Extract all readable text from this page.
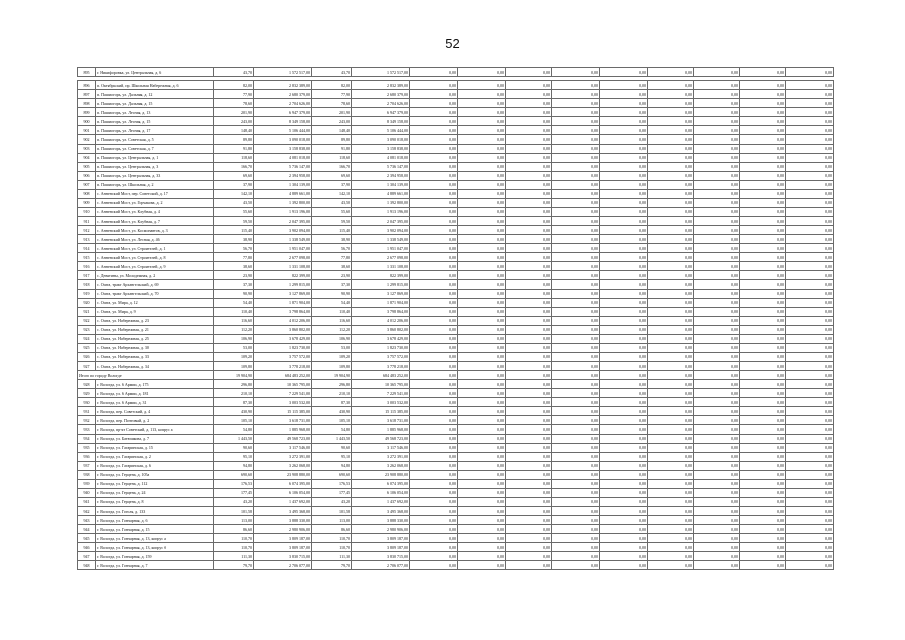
52
895	г. Никифоровка, ул. Центральная, д. 6	43,70	1 572 517,00	43,70	1 572 517,00	0,00	0,00	0,00	0,00	0,00	0,00	0,00	0,00	0,00

896	п. Октябрьский, пр. Школьная Набережная, д. 6	82,00	2 832 389,00	82,00	2 832 389,00	0,00	0,00	0,00	0,00	0,00	0,00	0,00	0,00	0,00
897	п. Пашиогорь, ул. Дальняя, д. 12	77,90	2 680 379,00	77,90	2 680 379,00	0,00	0,00	0,00	0,00	0,00	0,00	0,00	0,00	0,00
898	п. Пашиогорь, ул. Дальняя, д. 15	78,60	2 704 626,00	78,60	2 704 626,00	0,00	0,00	0,00	0,00	0,00	0,00	0,00	0,00	0,00
899	п. Пашиогорь, ул. Лесная, д. 13	201,90	6 947 379,00	201,90	6 947 379,00	0,00	0,00	0,00	0,00	0,00	0,00	0,00	0,00	0,00
900	п. Пашиогорь, ул. Лесная, д. 15	243,00	8 349 158,00	243,00	8 349 158,00	0,00	0,00	0,00	0,00	0,00	0,00	0,00	0,00	0,00
901	п. Пашиогорь, ул. Лесная, д. 17	148,40	5 106 444,00	148,40	5 106 444,00	0,00	0,00	0,00	0,00	0,00	0,00	0,00	0,00	0,00
902	п. Пашиогорь, ул. Советская, д. 5	89,80	3 090 018,00	89,80	3 090 018,00	0,00	0,00	0,00	0,00	0,00	0,00	0,00	0,00	0,00
903	п. Пашиогорь, ул. Советская, д. 7	91,80	3 158 838,00	91,80	3 158 838,00	0,00	0,00	0,00	0,00	0,00	0,00	0,00	0,00	0,00
904	п. Пашиогорь, ул. Центральная, д. 1	118,60	4 081 018,00	118,60	4 081 018,00	0,00	0,00	0,00	0,00	0,00	0,00	0,00	0,00	0,00
905	п. Пашиогорь, ул. Центральная, д. 3	166,70	5 736 147,00	166,70	5 736 147,00	0,00	0,00	0,00	0,00	0,00	0,00	0,00	0,00	0,00
906	п. Пашиогорь, ул. Центральная, д. 33	69,60	2 394 958,00	69,60	2 394 958,00	0,00	0,00	0,00	0,00	0,00	0,00	0,00	0,00	0,00
907	п. Пашиогорь, ул. Школьная, д. 2	37,90	1 304 139,00	37,90	1 304 139,00	0,00	0,00	0,00	0,00	0,00	0,00	0,00	0,00	0,00
908	с. Анненский Мост, пер. Советский, д. 17	142,10	4 889 661,00	142,10	4 889 661,00	0,00	0,00	0,00	0,00	0,00	0,00	0,00	0,00	0,00
909	с. Анненский Мост, ул. Горчакова, д. 2	43,50	1 392 800,00	43,50	1 392 800,00	0,00	0,00	0,00	0,00	0,00	0,00	0,00	0,00	0,00
910	с. Анненский Мост, ул. Клубная, д. 4	55,60	1 913 196,00	55,60	1 913 196,00	0,00	0,00	0,00	0,00	0,00	0,00	0,00	0,00	0,00
911	с. Анненский Мост, ул. Клубная, д. 7	59,50	2 047 395,00	59,50	2 047 395,00	0,00	0,00	0,00	0,00	0,00	0,00	0,00	0,00	0,00
912	с. Анненский Мост, ул. Космонавтов, д. 3	115,40	3 902 094,00	115,40	3 902 094,00	0,00	0,00	0,00	0,00	0,00	0,00	0,00	0,00	0,00
913	с. Анненский Мост, ул. Лесная, д. 46	38,90	1 338 549,00	38,90	1 338 549,00	0,00	0,00	0,00	0,00	0,00	0,00	0,00	0,00	0,00
914	с. Анненский Мост, ул. Строителей, д. 1	56,70	1 951 047,00	56,70	1 951 047,00	0,00	0,00	0,00	0,00	0,00	0,00	0,00	0,00	0,00
915	с. Анненский Мост, ул. Строителей, д. 8	77,80	2 677 098,00	77,80	2 677 098,00	0,00	0,00	0,00	0,00	0,00	0,00	0,00	0,00	0,00
916	с. Анненский Мост, ул. Строителей, д. 9	38,60	1 331 108,00	38,60	1 331 108,00	0,00	0,00	0,00	0,00	0,00	0,00	0,00	0,00	0,00
917	с. Девятины, ул. Молодежная, д. 2	23,90	822 399,00	23,90	822 399,00	0,00	0,00	0,00	0,00	0,00	0,00	0,00	0,00	0,00
918	с. Ошта, тракт Архангельский, д. 69	37,30	1 299 815,00	37,30	1 299 815,00	0,00	0,00	0,00	0,00	0,00	0,00	0,00	0,00	0,00
919	с. Ошта, тракт Архангельский, д. 70	90,90	3 127 869,00	90,90	3 127 869,00	0,00	0,00	0,00	0,00	0,00	0,00	0,00	0,00	0,00
920	с. Ошта, ул. Мира, д. 12	54,40	1 871 904,00	54,40	1 871 904,00	0,00	0,00	0,00	0,00	0,00	0,00	0,00	0,00	0,00
921	с. Ошта, ул. Мира, д. 9	110,40	3 798 864,00	110,40	3 798 864,00	0,00	0,00	0,00	0,00	0,00	0,00	0,00	0,00	0,00
922	с. Ошта, ул. Набережная, д. 23	116,60	4 012 206,00	116,60	4 012 206,00	0,00	0,00	0,00	0,00	0,00	0,00	0,00	0,00	0,00
923	с. Ошта, ул. Набережная, д. 21	112,20	3 860 802,00	112,20	3 860 802,00	0,00	0,00	0,00	0,00	0,00	0,00	0,00	0,00	0,00
924	с. Ошта, ул. Набережная, д. 25	106,90	3 678 429,00	106,90	3 678 429,00	0,00	0,00	0,00	0,00	0,00	0,00	0,00	0,00	0,00
925	с. Ошта, ул. Набережная, д. 30	53,00	1 823 730,00	53,00	1 823 730,00	0,00	0,00	0,00	0,00	0,00	0,00	0,00	0,00	0,00
926	с. Ошта, ул. Набережная, д. 33	109,20	3 757 572,00	109,20	3 757 572,00	0,00	0,00	0,00	0,00	0,00	0,00	0,00	0,00	0,00
927	с. Ошта, ул. Набережная, д. 34	109,80	3 778 218,00	109,80	3 778 218,00	0,00	0,00	0,00	0,00	0,00	0,00	0,00	0,00	0,00
Итого по городу Вологде		19 904,90	684 483 252,00	19 904,90	684 483 252,00	0,00	0,00	0,00	0,00	0,00	0,00	0,00	0,00	0,00
928	г. Вологда, ул. 6 Армии, д. 175	296,80	10 365 795,00	296,80	10 365 795,00	0,00	0,00	0,00	0,00	0,00	0,00	0,00	0,00	0,00
929	г. Вологда, ул. 6 Армии, д. 181	210,10	7 229 541,00	210,10	7 229 541,00	0,00	0,00	0,00	0,00	0,00	0,00	0,00	0,00	0,00
930	г. Вологда, ул. 6 Армии, д. 31	87,30	3 003 532,00	87,30	3 003 532,00	0,00	0,00	0,00	0,00	0,00	0,00	0,00	0,00	0,00
931	г. Вологда, пер. Советский, д. 4	430,90	15 115 385,00	430,90	15 115 385,00	0,00	0,00	0,00	0,00	0,00	0,00	0,00	0,00	0,00
932	г. Вологда, пер. Почтовый, д. 2	105,10	3 618 731,00	105,10	3 618 731,00	0,00	0,00	0,00	0,00	0,00	0,00	0,00	0,00	0,00
933	г. Вологда, пр-кт Советский, д. 113, копрус а	54,80	1 885 968,00	54,80	1 885 968,00	0,00	0,00	0,00	0,00	0,00	0,00	0,00	0,00	0,00
934	г. Вологда, ул. Батюшкова, д. 7	1 443,50	49 568 723,00	1 443,50	49 568 723,00	0,00	0,00	0,00	0,00	0,00	0,00	0,00	0,00	0,00
935	г. Вологда, ул. Гагаринская, д. 15	90,60	3 117 546,00	90,60	3 117 546,00	0,00	0,00	0,00	0,00	0,00	0,00	0,00	0,00	0,00
936	г. Вологда, ул. Гагаринская, д. 2	95,10	3 272 391,00	95,10	3 272 391,00	0,00	0,00	0,00	0,00	0,00	0,00	0,00	0,00	0,00
937	г. Вологда, ул. Гагаринская, д. 6	94,80	3 262 068,00	94,80	3 262 068,00	0,00	0,00	0,00	0,00	0,00	0,00	0,00	0,00	0,00
938	г. Вологда, ул. Герцена, д. 105а	690,60	23 908 880,00	690,60	23 908 880,00	0,00	0,00	0,00	0,00	0,00	0,00	0,00	0,00	0,00
939	г. Вологда, ул. Герцена, д. 112	176,53	6 074 395,00	176,53	6 074 395,00	0,00	0,00	0,00	0,00	0,00	0,00	0,00	0,00	0,00
940	г. Вологда, ул. Герцена, д. 24	177,45	6 106 054,00	177,45	6 106 054,00	0,00	0,00	0,00	0,00	0,00	0,00	0,00	0,00	0,00
941	г. Вологда, ул. Герцена, д. 8	43,20	1 437 692,00	43,20	1 437 692,00	0,00	0,00	0,00	0,00	0,00	0,00	0,00	0,00	0,00
942	г. Вологда, ул. Гоголя, д. 133	101,58	3 495 368,00	101,58	3 495 368,00	0,00	0,00	0,00	0,00	0,00	0,00	0,00	0,00	0,00
943	г. Вологда, ул. Гончарная, д. 6	113,00	3 888 330,00	113,00	3 888 330,00	0,00	0,00	0,00	0,00	0,00	0,00	0,00	0,00	0,00
944	г. Вологда, ул. Гончарная, д. 15	86,60	2 980 906,00	86,60	2 980 906,00	0,00	0,00	0,00	0,00	0,00	0,00	0,00	0,00	0,00
945	г. Вологда, ул. Гончарная, д. 13, копрус а	110,70	3 809 187,00	110,70	3 809 187,00	0,00	0,00	0,00	0,00	0,00	0,00	0,00	0,00	0,00
946	г. Вологда, ул. Гончарная, д. 13, копрус б	110,70	3 809 187,00	110,70	3 809 187,00	0,00	0,00	0,00	0,00	0,00	0,00	0,00	0,00	0,00
947	г. Вологда, ул. Гончарная, д. 159	111,30	3 830 715,00	111,30	3 830 715,00	0,00	0,00	0,00	0,00	0,00	0,00	0,00	0,00	0,00
948	г. Вологда, ул. Гончарная, д. 7	79,70	2 706 077,00	79,70	2 706 077,00	0,00	0,00	0,00	0,00	0,00	0,00	0,00	0,00	0,00
